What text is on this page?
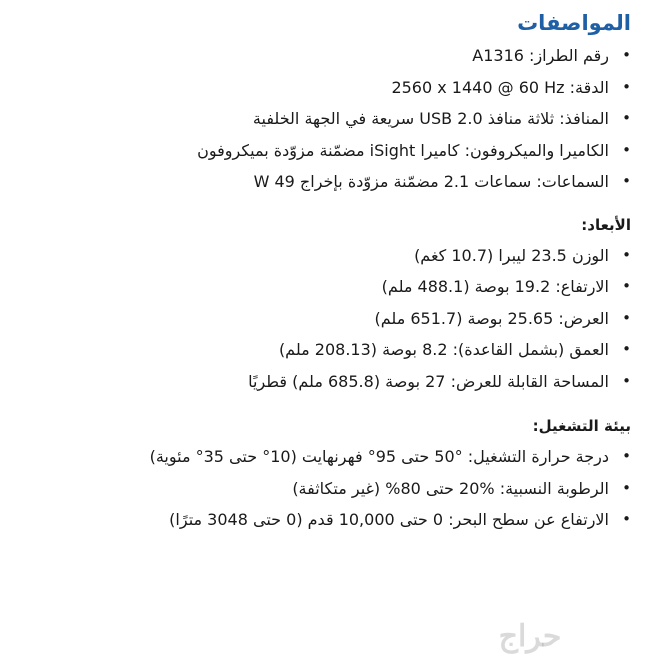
المواصفات
•
رقم الطراز: A1316
•
الدقة: 2560 x 1440 @ 60 Hz
•
المنافذ: ثلاثة منافذ USB 2.0 سريعة في الجهة الخلفية
•
الكاميرا والميكروفون: كاميرا iSight مضمّنة مزوّدة بميكروفون
•
السماعات: سماعات 2.1 مضمّنة مزوّدة بإخراج 49 W
الأبعاد:
•
الوزن 23.5 ليبرا (10.7 كغم)
•
الارتفاع: 19.2 بوصة (488.1 ملم)
•
العرض: 25.65 بوصة (651.7 ملم)
•
العمق (بشمل القاعدة): 8.2 بوصة (208.13 ملم)
•
المساحة القابلة للعرض: 27 بوصة (685.8 ملم) قطريًا
بيئة التشغيل:
•
درجة حرارة التشغيل: 50° حتى 95° فهرنهايت (10° حتى 35° مئوية)
•
الرطوبة النسبية: 20% حتى 80% (غير متكاثفة)
•
الارتفاع عن سطح البحر: 0 حتى 10,000 قدم (0 حتى 3048 مترًا)
حراج
